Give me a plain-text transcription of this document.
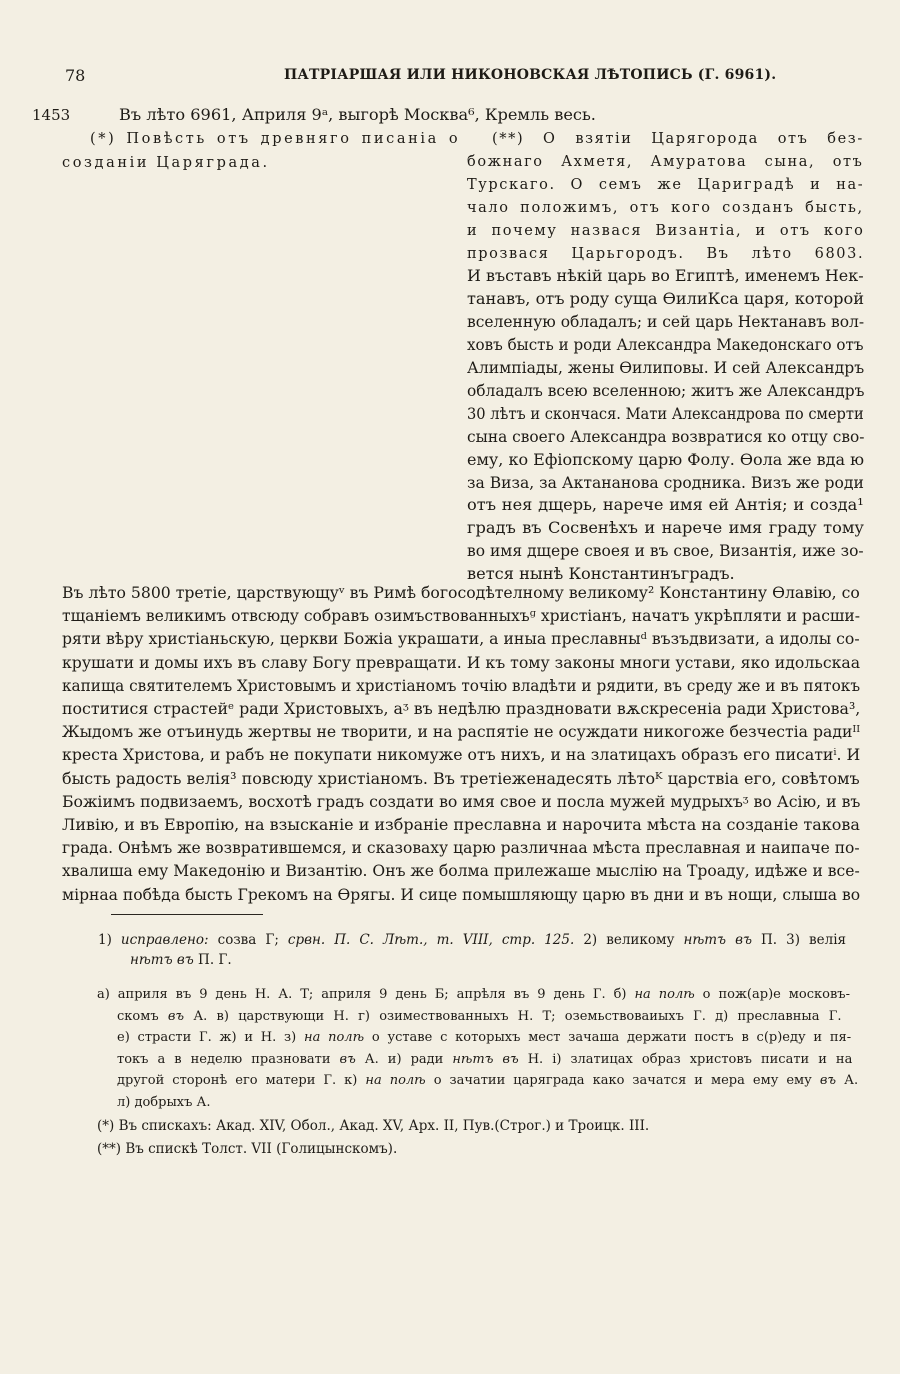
78	ПАТРІАРШАЯ ИЛИ НИКОНОВСКАЯ ЛѢТОПИСЬ (Г. 6961).
1453	Въ лѣто 6961, Априля 9ᵃ, выгорѣ Москва⁶, Кремль весь.
(*) Повѣсть отъ древняго писаніа о
созданіи Царяграда.
(**) О взятіи Царягорода отъ без-
божнаго Ахметя, Амуратова сына, отъ
Турскаго. О семъ же Цариградѣ и на-
чало положимъ, отъ кого созданъ бысть,
и почему назвася Византіа, и отъ кого
прозвася Царьгородъ. Въ лѣто 6803.
И въставъ нѣкій царь во Египтѣ, именемъ Нек-
танавъ, отъ роду суща ѲилиКса царя, которой
вселенную обладалъ; и сей царь Нектанавъ вол-
ховъ бысть и роди Александра Македонскаго отъ
Алимпіады, жены Ѳилиповы. И сей Александръ
обладалъ всею вселенною; житъ же Александръ
30 лѣтъ и скончася. Мати Александрова по смерти
сына своего Александра возвратися ко отцу сво-
ему, ко Ефіопскому царю Фолу. Ѳола же вда ю
за Виза, за Актананова сродника. Визъ же роди
отъ нея дщерь, нарече имя ей Антія; и созда¹
градъ въ Сосвенѣхъ и нарече имя граду тому
во имя дщере своея и въ свое, Византія, иже зо-
вется нынѣ Константинъградъ.
Въ лѣто 5800 третіе, царствующуᵛ въ Римѣ богосодѣтелному великому² Константину Ѳлавію, со
тщаніемъ великимъ отвсюду собравъ озимъствованныхъᶢ христіанъ, начатъ укрѣпляти и расши-
ряти вѣру христіаньскую, церкви Божіа украшати, а иныа преславныᵈ възъдвизати, а идолы со-
крушати и домы ихъ въ славу Богу превращати. И къ тому законы многи устави, яко идольскаа
капища святителемъ Христовымъ и христіаномъ точію владѣти и рядити, въ среду же и въ пятокъ
поститися страстейᵉ ради Христовыхъ, аᶾ въ недѣлю праздновати вѫскресеніа ради Христова³,
Жыдомъ же отъинудь жертвы не творити, и на распятіе не осуждати никогоже безчестіа радиᴵᴵ
креста Христова, и рабъ не покупати никомуже отъ нихъ, и на златицахъ образъ его писатиⁱ. И
бысть радость велія³ повсюду христіаномъ. Въ третіеженадесять лѣтоᴷ царствіа его, совѣтомъ
Божіимъ подвизаемъ, восхотѣ градъ создати во имя свое и посла мужей мудрыхъᶾ во Асію, и въ
Ливію, и въ Европію, на взысканіе и избраніе преславна и нарочита мѣста на созданіе такова
града. Онѣмъ же возвратившемся, и сказоваху царю различнаа мѣста преславная и наипаче по-
хвалиша ему Македонію и Византію. Онъ же болма прилежаше мыслію на Троаду, идѣже и все-
мірнаа побѣда бысть Грекомъ на Ѳрягы. И сице помышляющу царю въ дни и въ нощи, слыша во
1) исправлено: созва Г; срвн. П. С. Лѣт., т. VIII, стр. 125. 2) великому нѣтъ въ П. 3) велія
нѣтъ въ П. Г.
а) априля въ 9 день Н. А. Т; априля 9 день Б; апрѣля въ 9 день Г. б) на полѣ о пож(ар)е московъ-
скомъ въ А. в) царствующи Н. г) озимествованныхъ Н. Т; оземьствоваиыхъ Г. д) преславныа Г.
е) страсти Г. ж) и Н. з) на полѣ о уставе с которыхъ мест зачаша держати постъ в с(р)еду и пя-
токъ а в неделю празновати въ А. и) ради нѣтъ въ Н. і) златицах образ христовъ писати и на
другой сторонѣ его матери Г. к) на полѣ о зачатии царяграда како зачатся и мера ему ему въ А.
л) добрыхъ А.
(*) Въ спискахъ: Акад. XIV, Обол., Акад. XV, Арх. II, Пув.(Строг.) и Троицк. III.
(**) Въ спискѣ Толст. VII (Голицынскомъ).
